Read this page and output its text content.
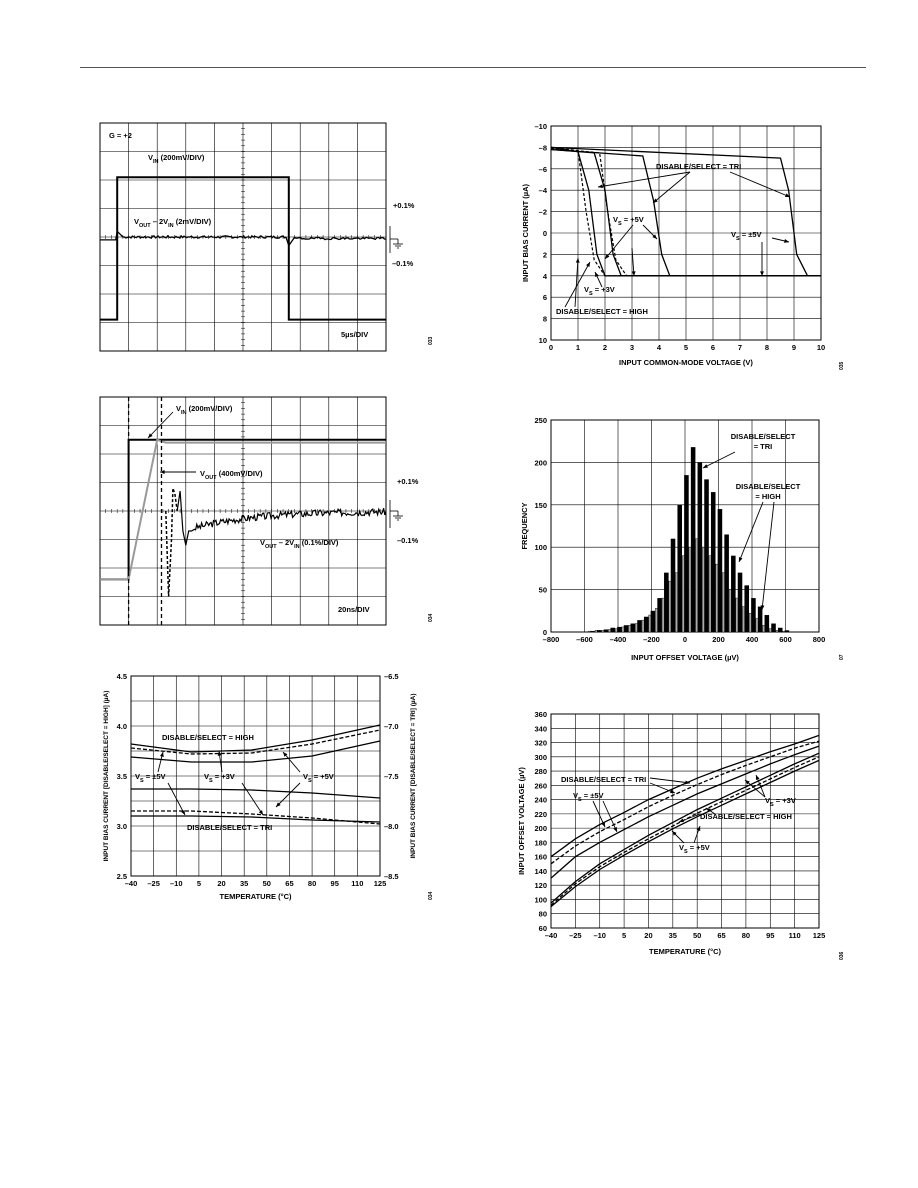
G = +2
$V_{IN}$ (200mV/DIV)
$V_{OUT} - 2V_{IN}$ (2mV/DIV)
+0.1%
–0.1%
5µs/DIV
033
$V_{IN}$ (200mV/DIV)
$V_{OUT}$ (400mV/DIV)
$V_{OUT} - 2V_{IN}$ (0.1%/DIV)
+0.1%
–0.1%
20ns/DIV
034
0	1	2	3	4	5	6	7	8	9	10
–10
–8
–6
–4
–2
0
2
4
6
8
10
INPUT COMMON-MODE VOLTAGE (V)
INPUT BIAS CURRENT (µA)
DISABLE/SELECT = TRI
$V_S = +5V$
$V_S = \pm 5V$
$V_S = +3V$
DISABLE/SELECT = HIGH
035
–800 –600 –400 –200	0	200	400	600	800
0
50
100
150
200
250
INPUT OFFSET VOLTAGE (µV)
FREQUENCY
DISABLE/SELECT
= TRI
DISABLE/SELECT
= HIGH
07
–40 –25 –10 5 20 35 50 65 80 95 110 125
2.5
3.0
3.5
4.0
4.5
–8.5
–8.0
–7.5
–7.0
–6.5
TEMPERATURE (°C)
INPUT BIAS CURRENT [DISABLE/SELECT = HIGH] (µA)	INPUT BIAS CURRENT [DISABLE/SELECT = TRI] (µA)
DISABLE/SELECT = HIGH
DISABLE/SELECT = TRI
$V_S = \pm 5V$	$V_S = +3V$	$V_S = +5V$
034
–40 –25 –10 5 20 35 50 65 80 95 110 125
60
80
100
120
140
160
180
200
220
240
260
280
300
320
340
360
TEMPERATURE (°C)
INPUT OFFSET VOLTAGE (µV)	DISABLE/SELECT = TRI
$V_S = \pm 5V$
$V_S = +3V$
DISABLE/SELECT = HIGH
$V_S = +5V$
036
